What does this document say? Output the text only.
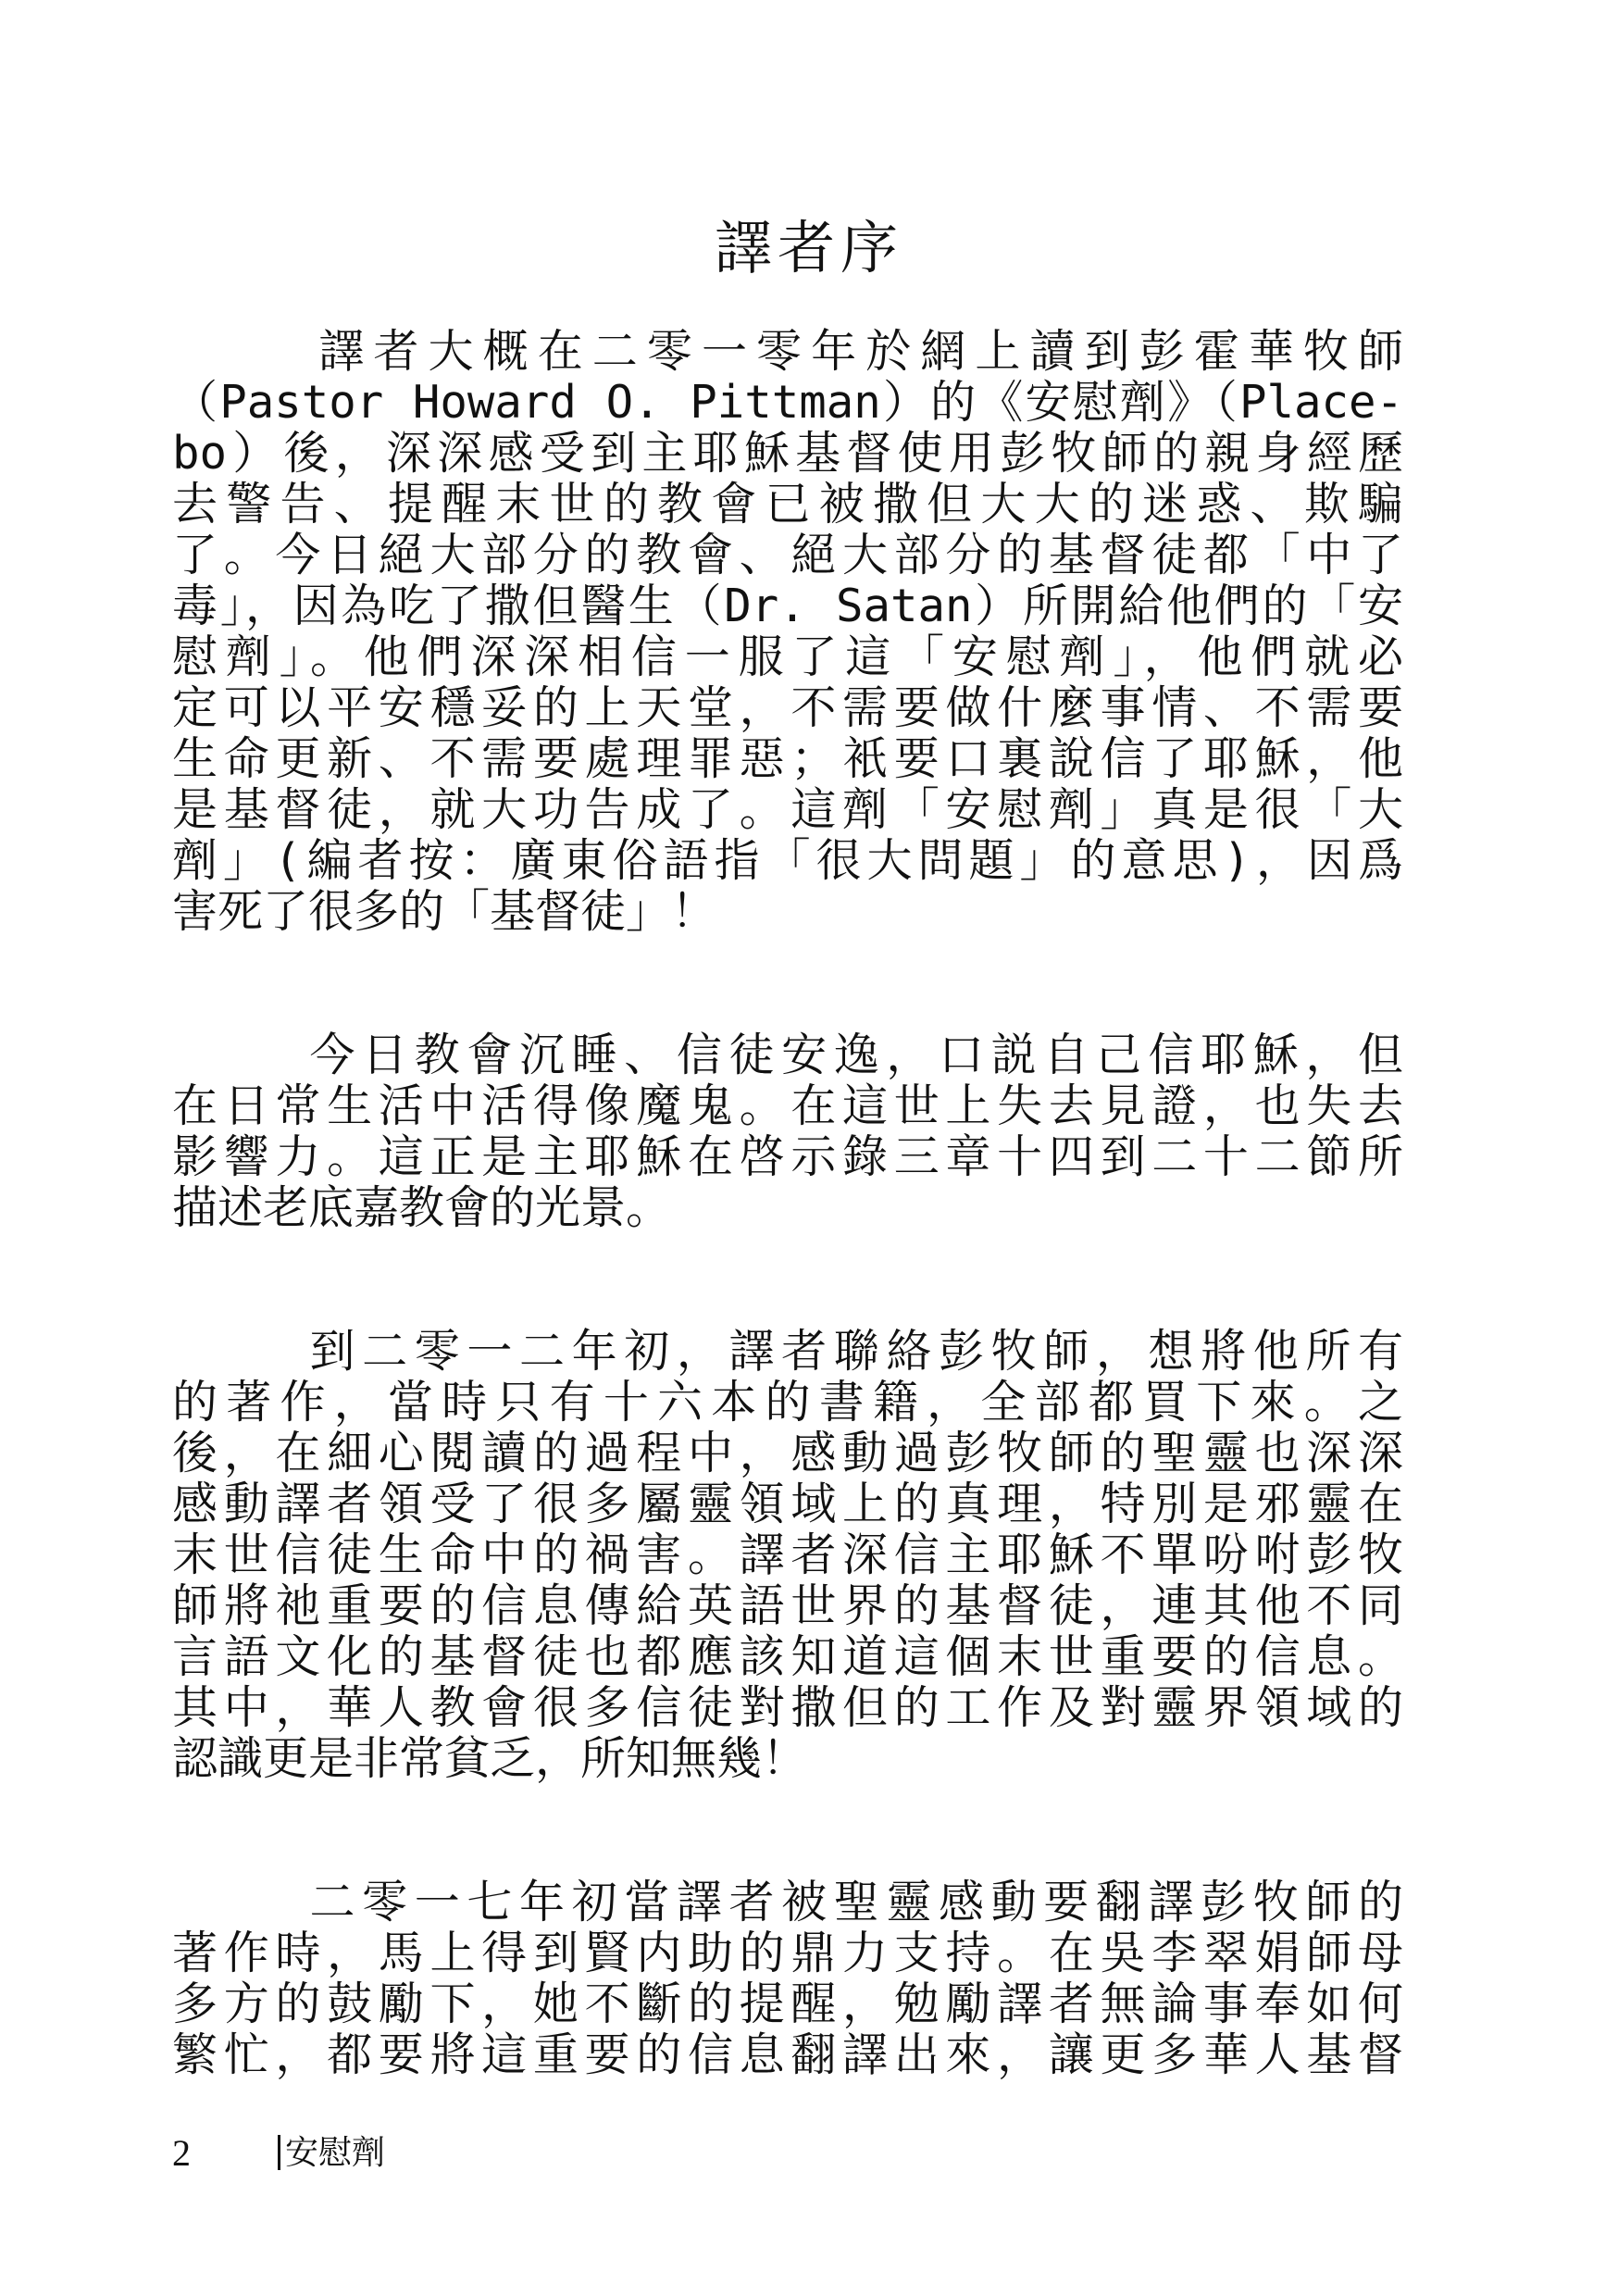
譯者序
譯者大概在二零一零年於網上讀到彭霍華牧師
（Pastor Howard O. Pittman）的《安慰劑》（Place-
bo）後，深深感受到主耶穌基督使用彭牧師的親身經歷
去警告、提醒末世的教會已被撒但大大的迷惑、欺騙
了。今日絕大部分的教會、絕大部分的基督徒都「中了
毒」，因為吃了撒但醫生（Dr. Satan）所開給他們的「安
慰劑」。他們深深相信一服了這「安慰劑」，他們就必
定可以平安穩妥的上天堂，不需要做什麼事情、不需要
生命更新、不需要處理罪惡；衹要口裏說信了耶穌，他
是基督徒，就大功告成了。這劑「安慰劑」真是很「大
劑」(編者按：廣東俗語指「很大問題」的意思)，因爲
害死了很多的「基督徒」！
今日教會沉睡、信徒安逸，口説自己信耶穌，但
在日常生活中活得像魔鬼。在這世上失去見證，也失去
影響力。這正是主耶穌在啓示錄三章十四到二十二節所
描述老底嘉教會的光景。
到二零一二年初，譯者聯絡彭牧師，想將他所有
的著作，當時只有十六本的書籍，全部都買下來。之
後，在細心閱讀的過程中，感動過彭牧師的聖靈也深深
感動譯者領受了很多屬靈領域上的真理，特別是邪靈在
末世信徒生命中的禍害。譯者深信主耶穌不單吩咐彭牧
師將祂重要的信息傳給英語世界的基督徒，連其他不同
言語文化的基督徒也都應該知道這個末世重要的信息。
其中，華人教會很多信徒對撒但的工作及對靈界領域的
認識更是非常貧乏，所知無幾！
二零一七年初當譯者被聖靈感動要翻譯彭牧師的
著作時，馬上得到賢内助的鼎力支持。在吳李翠娟師母
多方的鼓勵下，她不斷的提醒，勉勵譯者無論事奉如何
繁忙，都要將這重要的信息翻譯出來，讓更多華人基督
2	安慰劑
